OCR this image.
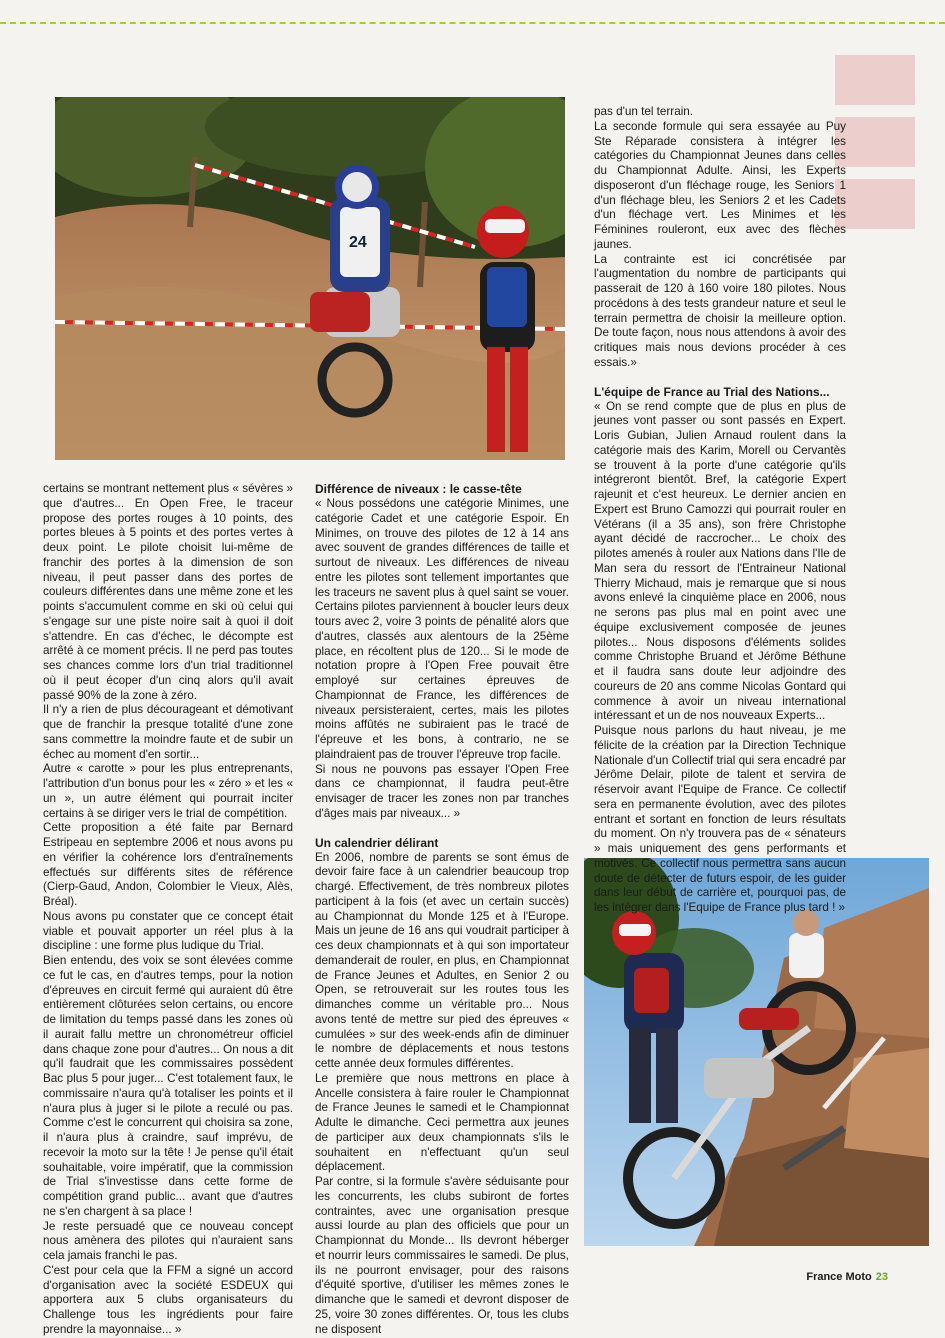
24

certains se montrant nettement plus « sévères » que d'autres... En Open Free, le traceur propose des portes rouges à 10 points, des portes bleues à 5 points et des portes vertes à deux point. Le pilote choisit lui-même de franchir des portes à la dimension de son niveau, il peut passer dans des portes de couleurs différentes dans une même zone et les points s'accumulent comme en ski où celui qui s'engage sur une piste noire sait à quoi il doit s'attendre. En cas d'échec, le décompte est arrêté à ce moment précis. Il ne perd pas toutes ses chances comme lors d'un trial traditionnel où il peut écoper d'un cinq alors qu'il avait passé 90% de la zone à zéro.

Il n'y a rien de plus décourageant et démotivant que de franchir la presque totalité d'une zone sans commettre la moindre faute et de subir un échec au moment d'en sortir...

Autre « carotte » pour les plus entreprenants, l'attribution d'un bonus pour les « zéro » et les « un », un autre élément qui pourrait inciter certains à se diriger vers le trial de compétition.

Cette proposition a été faite par Bernard Estripeau en septembre 2006 et nous avons pu en vérifier la cohérence lors d'entraînements effectués sur différents sites de référence (Cierp-Gaud, Andon, Colombier le Vieux, Alès, Bréal).

Nous avons pu constater que ce concept était viable et pouvait apporter un réel plus à la discipline : une forme plus ludique du Trial.

Bien entendu, des voix se sont élevées comme ce fut le cas, en d'autres temps, pour la notion d'épreuves en circuit fermé qui auraient dû être entièrement clôturées selon certains, ou encore de limitation du temps passé dans les zones où il aurait fallu mettre un chronométreur officiel dans chaque zone pour d'autres... On nous a dit qu'il faudrait que les commissaires possèdent Bac plus 5 pour juger... C'est totalement faux, le commissaire n'aura qu'à totaliser les points et il n'aura plus à juger si le pilote a reculé ou pas. Comme c'est le concurrent qui choisira sa zone, il n'aura plus à craindre, sauf imprévu, de recevoir la moto sur la tête ! Je pense qu'il était souhaitable, voire impératif, que la commission de Trial s'investisse dans cette forme de compétition grand public... avant que d'autres ne s'en chargent à sa place !

Je reste persuadé que ce nouveau concept nous amènera des pilotes qui n'auraient sans cela jamais franchi le pas.

C'est pour cela que la FFM a signé un accord d'organisation avec la société ESDEUX qui apportera aux 5 clubs organisateurs du Challenge tous les ingrédients pour faire prendre la mayonnaise... »

Différence de niveaux : le casse-tête

« Nous possédons une catégorie Minimes, une catégorie Cadet et une catégorie Espoir. En Minimes, on trouve des pilotes de 12 à 14 ans avec souvent de grandes différences de taille et surtout de niveaux. Les différences de niveau entre les pilotes sont tellement importantes que les traceurs ne savent plus à quel saint se vouer. Certains pilotes parviennent à boucler leurs deux tours avec 2, voire 3 points de pénalité alors que d'autres, classés aux alentours de la 25ème place, en récoltent plus de 120... Si le mode de notation propre à l'Open Free pouvait être employé sur certaines épreuves de Championnat de France, les différences de niveaux persisteraient, certes, mais les pilotes moins affûtés ne subiraient pas le tracé de l'épreuve et les bons, à contrario, ne se plaindraient pas de trouver l'épreuve trop facile.

Si nous ne pouvons pas essayer l'Open Free dans ce championnat, il faudra peut-être envisager de tracer les zones non par tranches d'âges mais par niveaux... »

Un calendrier délirant

En 2006, nombre de parents se sont émus de devoir faire face à un calendrier beaucoup trop chargé. Effectivement, de très nombreux pilotes participent à la fois (et avec un certain succès) au Championnat du Monde 125 et à l'Europe. Mais un jeune de 16 ans qui voudrait participer à ces deux championnats et à qui son importateur demanderait de rouler, en plus, en Championnat de France Jeunes et Adultes, en Senior 2 ou Open, se retrouverait sur les routes tous les dimanches comme un véritable pro... Nous avons tenté de mettre sur pied des épreuves « cumulées » sur des week-ends afin de diminuer le nombre de déplacements et nous testons cette année deux formules différentes.

Le première que nous mettrons en place à Ancelle consistera à faire rouler le Championnat de France Jeunes le samedi et le Championnat Adulte le dimanche. Ceci permettra aux jeunes de participer aux deux championnats s'ils le souhaitent en n'effectuant qu'un seul déplacement.

Par contre, si la formule s'avère séduisante pour les concurrents, les clubs subiront de fortes contraintes, avec une organisation presque aussi lourde au plan des officiels que pour un Championnat du Monde... Ils devront héberger et nourrir leurs commissaires le samedi. De plus, ils ne pourront envisager, pour des raisons d'équité sportive, d'utiliser les mêmes zones le dimanche que le samedi et devront disposer de 25, voire 30 zones différentes. Or, tous les clubs ne disposent

pas d'un tel terrain.

La seconde formule qui sera essayée au Puy Ste Réparade consistera à intégrer les catégories du Championnat Jeunes dans celles du Championnat Adulte. Ainsi, les Experts disposeront d'un fléchage rouge, les Seniors 1 d'un fléchage bleu, les Seniors 2 et les Cadets d'un fléchage vert. Les Minimes et les Féminines rouleront, eux avec des flèches jaunes.

La contrainte est ici concrétisée par l'augmentation du nombre de participants qui passerait de 120 à 160 voire 180 pilotes. Nous procédons à des tests grandeur nature et seul le terrain permettra de choisir la meilleure option. De toute façon, nous nous attendons à avoir des critiques mais nous devions procéder à ces essais.»

L'équipe de France au Trial des Nations...

« On se rend compte que de plus en plus de jeunes vont passer ou sont passés en Expert. Loris Gubian, Julien Arnaud roulent dans la catégorie mais des Karim, Morell ou Cervantès se trouvent à la porte d'une catégorie qu'ils intégreront bientôt. Bref, la catégorie Expert rajeunit et c'est heureux. Le dernier ancien en Expert est Bruno Camozzi qui pourrait rouler en Vétérans (il a 35 ans), son frère Christophe ayant décidé de raccrocher... Le choix des pilotes amenés à rouler aux Nations dans l'Ile de Man sera du ressort de l'Entraineur National Thierry Michaud, mais je remarque que si nous avons enlevé la cinquième place en 2006, nous ne serons pas plus mal en point avec une équipe exclusivement composée de jeunes pilotes... Nous disposons d'éléments solides comme Christophe Bruand et Jérôme Béthune et il faudra sans doute leur adjoindre des coureurs de 20 ans comme Nicolas Gontard qui commence à avoir un niveau international intéressant et un de nos nouveaux Experts...

Puisque nous parlons du haut niveau, je me félicite de la création par la Direction Technique Nationale d'un Collectif trial qui sera encadré par Jérôme Delair, pilote de talent et servira de réservoir avant l'Equipe de France. Ce collectif sera en permanente évolution, avec des pilotes entrant et sortant en fonction de leurs résultats du moment. On n'y trouvera pas de « sénateurs » mais uniquement des gens performants et motivés. Ce collectif nous permettra sans aucun doute de détecter de futurs espoir, de les guider dans leur début de carrière et, pourquoi pas, de les intégrer dans l'Equipe de France plus tard ! »

France Moto 23
